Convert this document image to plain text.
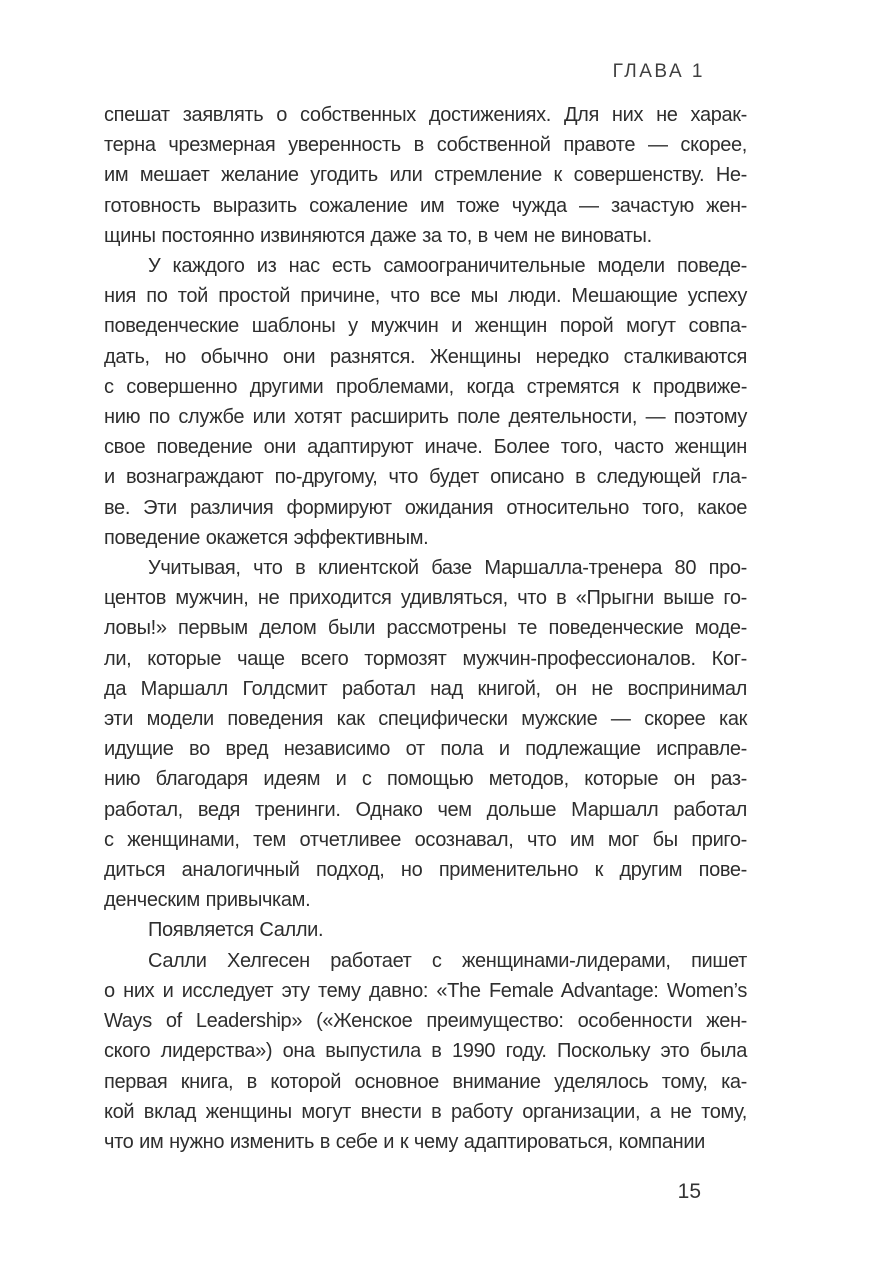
ГЛАВА 1
спешат заявлять о собственных достижениях. Для них не харак-
терна чрезмерная уверенность в собственной правоте — скорее,
им мешает желание угодить или стремление к совершенству. Не-
готовность выразить сожаление им тоже чужда — зачастую жен-
щины постоянно извиняются даже за то, в чем не виноваты.
У каждого из нас есть самоограничительные модели поведе-
ния по той простой причине, что все мы люди. Мешающие успеху
поведенческие шаблоны у мужчин и женщин порой могут совпа-
дать, но обычно они разнятся. Женщины нередко сталкиваются
с совершенно другими проблемами, когда стремятся к продвиже-
нию по службе или хотят расширить поле деятельности, — поэтому
свое поведение они адаптируют иначе. Более того, часто женщин
и вознаграждают по-другому, что будет описано в следующей гла-
ве. Эти различия формируют ожидания относительно того, какое
поведение окажется эффективным.
Учитывая, что в клиентской базе Маршалла-тренера 80 про-
центов мужчин, не приходится удивляться, что в «Прыгни выше го-
ловы!» первым делом были рассмотрены те поведенческие моде-
ли, которые чаще всего тормозят мужчин-профессионалов. Ког-
да Маршалл Голдсмит работал над книгой, он не воспринимал
эти модели поведения как специфически мужские — скорее как
идущие во вред независимо от пола и подлежащие исправле-
нию благодаря идеям и с помощью методов, которые он раз-
работал, ведя тренинги. Однако чем дольше Маршалл работал
с женщинами, тем отчетливее осознавал, что им мог бы приго-
диться аналогичный подход, но применительно к другим пове-
денческим привычкам.
Появляется Салли.
Салли Хелгесен работает с женщинами-лидерами, пишет
о них и исследует эту тему давно: «The Female Advantage: Women’s
Ways of Leadership» («Женское преимущество: особенности жен-
ского лидерства») она выпустила в 1990 году. Поскольку это была
первая книга, в которой основное внимание уделялось тому, ка-
кой вклад женщины могут внести в работу организации, а не тому,
что им нужно изменить в себе и к чему адаптироваться, компании
15
